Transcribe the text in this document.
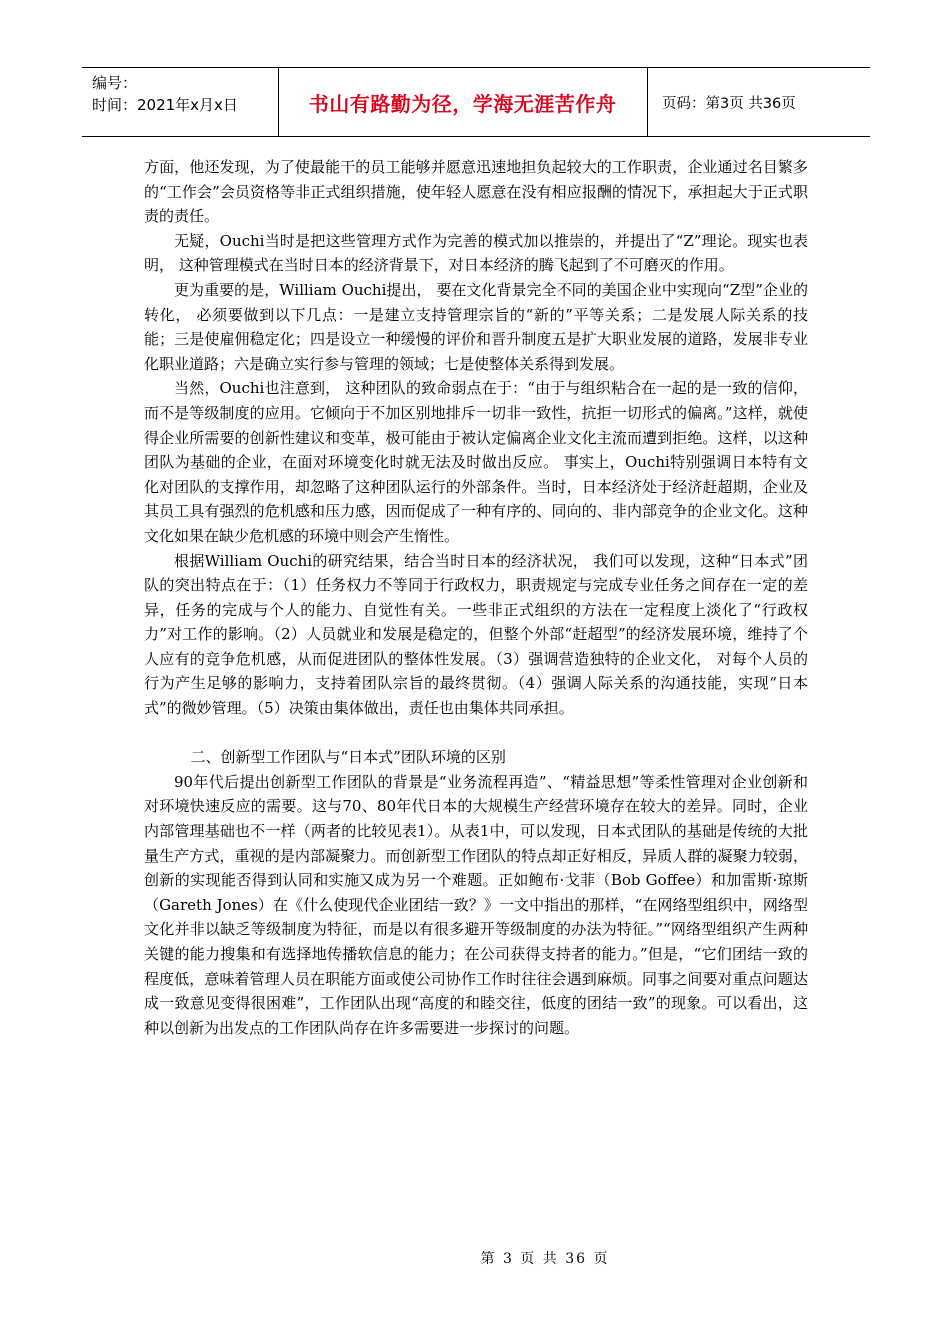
编号：
时间：2021年x月x日	书山有路勤为径，学海无涯苦作舟	页码：第3页 共36页

方面，他还发现，为了使最能干的员工能够并愿意迅速地担负起较大的工作职责，企业通过名目繁多的“工作会”会员资格等非正式组织措施，使年轻人愿意在没有相应报酬的情况下，承担起大于正式职责的责任。

无疑，Ouchi当时是把这些管理方式作为完善的模式加以推崇的，并提出了“Z”理论。现实也表明， 这种管理模式在当时日本的经济背景下，对日本经济的腾飞起到了不可磨灭的作用。

更为重要的是，William Ouchi提出， 要在文化背景完全不同的美国企业中实现向“Z型”企业的转化， 必须要做到以下几点：一是建立支持管理宗旨的“新的”平等关系；二是发展人际关系的技能；三是使雇佣稳定化；四是设立一种缓慢的评价和晋升制度五是扩大职业发展的道路，发展非专业化职业道路；六是确立实行参与管理的领域；七是使整体关系得到发展。

当然，Ouchi也注意到， 这种团队的致命弱点在于：“由于与组织粘合在一起的是一致的信仰，而不是等级制度的应用。它倾向于不加区别地排斥一切非一致性，抗拒一切形式的偏离。”这样，就使得企业所需要的创新性建议和变革，极可能由于被认定偏离企业文化主流而遭到拒绝。这样，以这种团队为基础的企业，在面对环境变化时就无法及时做出反应。 事实上，Ouchi特别强调日本特有文化对团队的支撑作用，却忽略了这种团队运行的外部条件。当时，日本经济处于经济赶超期，企业及其员工具有强烈的危机感和压力感，因而促成了一种有序的、同向的、非内部竞争的企业文化。这种文化如果在缺少危机感的环境中则会产生惰性。

根据William Ouchi的研究结果，结合当时日本的经济状况， 我们可以发现，这种“日本式”团队的突出特点在于：（1）任务权力不等同于行政权力，职责规定与完成专业任务之间存在一定的差异，任务的完成与个人的能力、自觉性有关。一些非正式组织的方法在一定程度上淡化了“行政权力”对工作的影响。（2）人员就业和发展是稳定的，但整个外部“赶超型”的经济发展环境，维持了个人应有的竞争危机感，从而促进团队的整体性发展。（3）强调营造独特的企业文化， 对每个人员的行为产生足够的影响力，支持着团队宗旨的最终贯彻。（4）强调人际关系的沟通技能，实现“日本式”的微妙管理。（5）决策由集体做出，责任也由集体共同承担。

二、创新型工作团队与“日本式”团队环境的区别

90年代后提出创新型工作团队的背景是“业务流程再造”、“精益思想”等柔性管理对企业创新和对环境快速反应的需要。这与70、80年代日本的大规模生产经营环境存在较大的差异。同时，企业内部管理基础也不一样（两者的比较见表1）。从表1中，可以发现，日本式团队的基础是传统的大批量生产方式，重视的是内部凝聚力。而创新型工作团队的特点却正好相反，异质人群的凝聚力较弱，创新的实现能否得到认同和实施又成为另一个难题。正如鲍布·戈菲（Bob Goffee）和加雷斯·琼斯（Gareth Jones）在《什么使现代企业团结一致？》一文中指出的那样，“在网络型组织中，网络型文化并非以缺乏等级制度为特征，而是以有很多避开等级制度的办法为特征。”“网络型组织产生两种关键的能力搜集和有选择地传播软信息的能力；在公司获得支持者的能力。”但是，“它们团结一致的程度低，意味着管理人员在职能方面或使公司协作工作时往往会遇到麻烦。同事之间要对重点问题达成一致意见变得很困难”，工作团队出现“高度的和睦交往，低度的团结一致”的现象。可以看出，这种以创新为出发点的工作团队尚存在许多需要进一步探讨的问题。

第 3 页 共 36 页
